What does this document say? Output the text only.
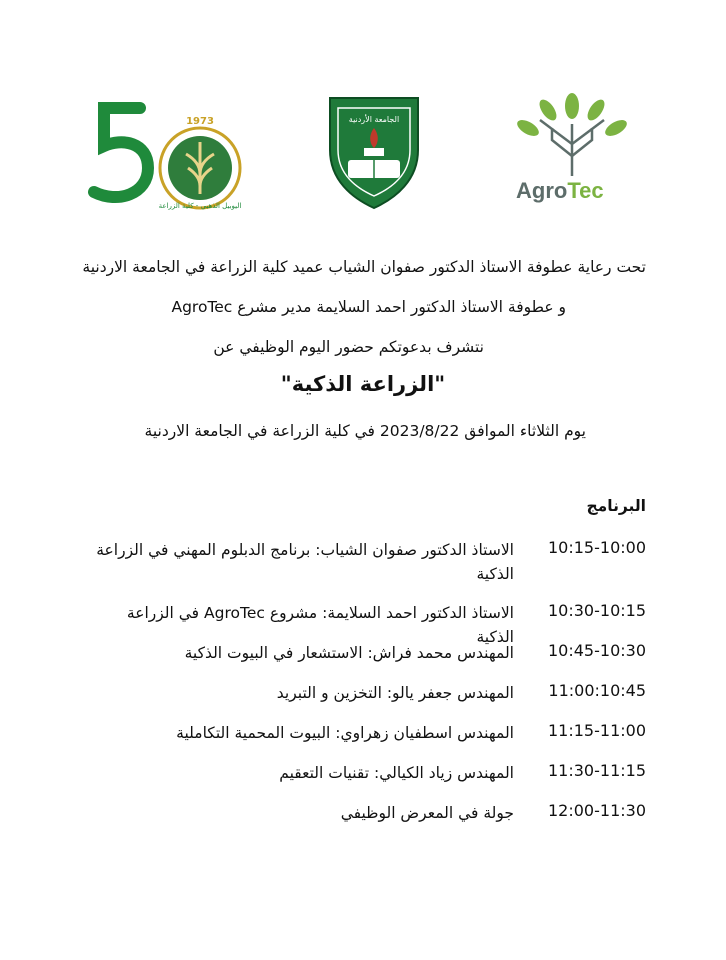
1973
اليوبيل الذهبي - كلية الزراعة
الجامعة الأردنية
AgroTec
تحت رعاية عطوفة الاستاذ الدكتور صفوان الشياب عميد كلية الزراعة في الجامعة الاردنية
و عطوفة الاستاذ الدكتور احمد السلايمة مدير مشرع AgroTec
نتشرف بدعوتكم حضور اليوم الوظيفي عن
"الزراعة الذكية"
يوم الثلاثاء الموافق 2023/8/22 في كلية الزراعة في الجامعة الاردنية
البرنامج
10:15-10:00
الاستاذ الدكتور صفوان الشياب: برنامج الدبلوم المهني في الزراعة الذكية
10:30-10:15
الاستاذ الدكتور احمد السلايمة: مشروع AgroTec في الزراعة الذكية
10:45-10:30
المهندس محمد فراش: الاستشعار في البيوت الذكية
11:00:10:45
المهندس جعفر يالو: التخزين و التبريد
11:15-11:00
المهندس اسطفيان زهراوي: البيوت المحمية التكاملية
11:30-11:15
المهندس زياد الكيالي: تقنيات التعقيم
12:00-11:30
جولة في المعرض الوظيفي
